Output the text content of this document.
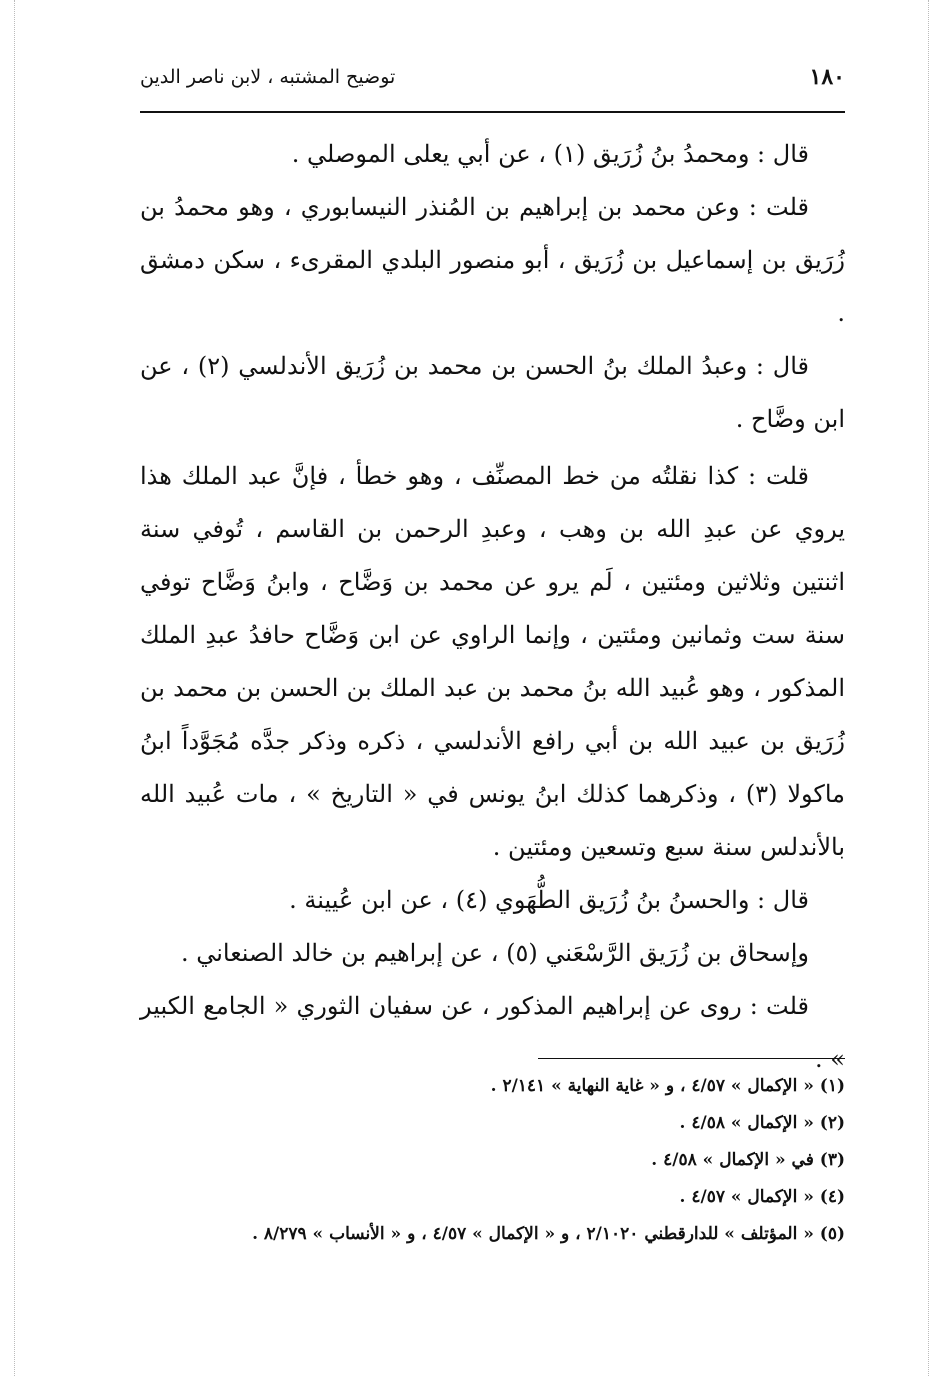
١٨٠
توضيح المشتبه ، لابن ناصر الدين

قال : ومحمدُ بنُ زُرَيق (١) ، عن أبي يعلى الموصلي .

قلت : وعن محمد بن إبراهيم بن المُنذر النيسابوري ، وهو محمدُ بن زُرَيق بن إسماعيل بن زُرَيق ، أبو منصور البلدي المقرىء ، سكن دمشق .

قال : وعبدُ الملك بنُ الحسن بن محمد بن زُرَيق الأندلسي (٢) ، عن ابن وضَّاح .

قلت : كذا نقلتُه من خط المصنِّف ، وهو خطأ ، فإنَّ عبد الملك هذا يروي عن عبدِ الله بن وهب ، وعبدِ الرحمن بن القاسم ، تُوفي سنة اثنتين وثلاثين ومئتين ، لَم يرو عن محمد بن وَضَّاح ، وابنُ وَضَّاح توفي سنة ست وثمانين ومئتين ، وإنما الراوي عن ابن وَضَّاح حافدُ عبدِ الملك المذكور ، وهو عُبيد الله بنُ محمد بن عبد الملك بن الحسن بن محمد بن زُرَيق بن عبيد الله بن أبي رافع الأندلسي ، ذكره وذكر جدَّه مُجَوَّداً ابنُ ماكولا (٣) ، وذكرهما كذلك ابنُ يونس في « التاريخ » ، مات عُبيد الله بالأندلس سنة سبع وتسعين ومئتين .

قال : والحسنُ بنُ زُرَيق الطُّهَوي (٤) ، عن ابن عُيينة .

وإسحاق بن زُرَيق الرَّسْعَني (٥) ، عن إبراهيم بن خالد الصنعاني .

قلت : روى عن إبراهيم المذكور ، عن سفيان الثوري « الجامع الكبير » .

(١) « الإكمال » ٤/٥٧ ، و « غاية النهاية » ٢/١٤١ .
(٢) « الإكمال » ٤/٥٨ .
(٣) في « الإكمال » ٤/٥٨ .
(٤) « الإكمال » ٤/٥٧ .
(٥) « المؤتلف » للدارقطني ٢/١٠٢٠ ، و « الإكمال » ٤/٥٧ ، و « الأنساب » ٨/٢٧٩ .
